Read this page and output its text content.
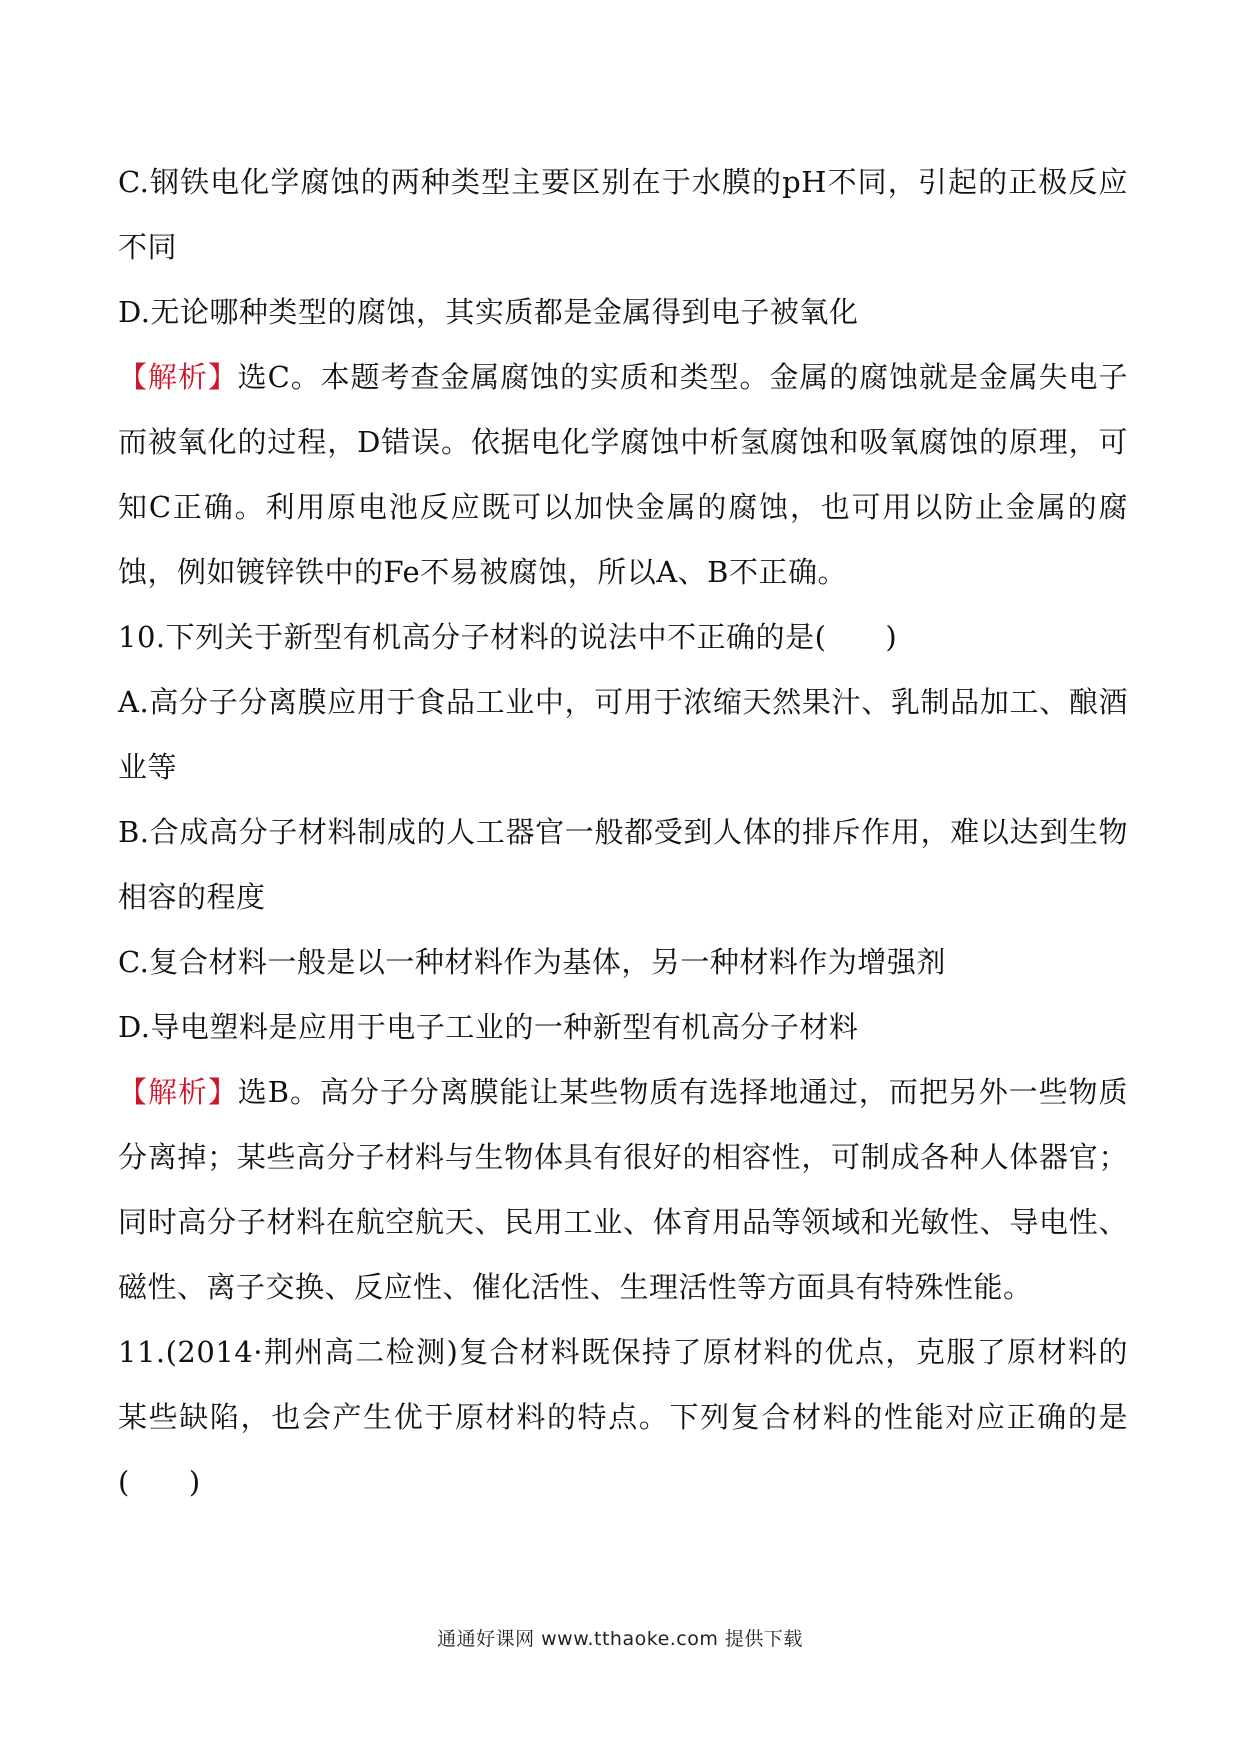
C.钢铁电化学腐蚀的两种类型主要区别在于水膜的pH不同，引起的正极反应不同

D.无论哪种类型的腐蚀，其实质都是金属得到电子被氧化

【解析】选C。本题考查金属腐蚀的实质和类型。金属的腐蚀就是金属失电子而被氧化的过程，D错误。依据电化学腐蚀中析氢腐蚀和吸氧腐蚀的原理，可知C正确。利用原电池反应既可以加快金属的腐蚀，也可用以防止金属的腐蚀，例如镀锌铁中的Fe不易被腐蚀，所以A、B不正确。

10.下列关于新型有机高分子材料的说法中不正确的是(　　)

A.高分子分离膜应用于食品工业中，可用于浓缩天然果汁、乳制品加工、酿酒业等

B.合成高分子材料制成的人工器官一般都受到人体的排斥作用，难以达到生物相容的程度

C.复合材料一般是以一种材料作为基体，另一种材料作为增强剂

D.导电塑料是应用于电子工业的一种新型有机高分子材料

【解析】选B。高分子分离膜能让某些物质有选择地通过，而把另外一些物质分离掉；某些高分子材料与生物体具有很好的相容性，可制成各种人体器官；同时高分子材料在航空航天、民用工业、体育用品等领域和光敏性、导电性、磁性、离子交换、反应性、催化活性、生理活性等方面具有特殊性能。

11.(2014·荆州高二检测)复合材料既保持了原材料的优点，克服了原材料的某些缺陷，也会产生优于原材料的特点。下列复合材料的性能对应正确的是(　　)

通通好课网 www.tthaoke.com 提供下载
